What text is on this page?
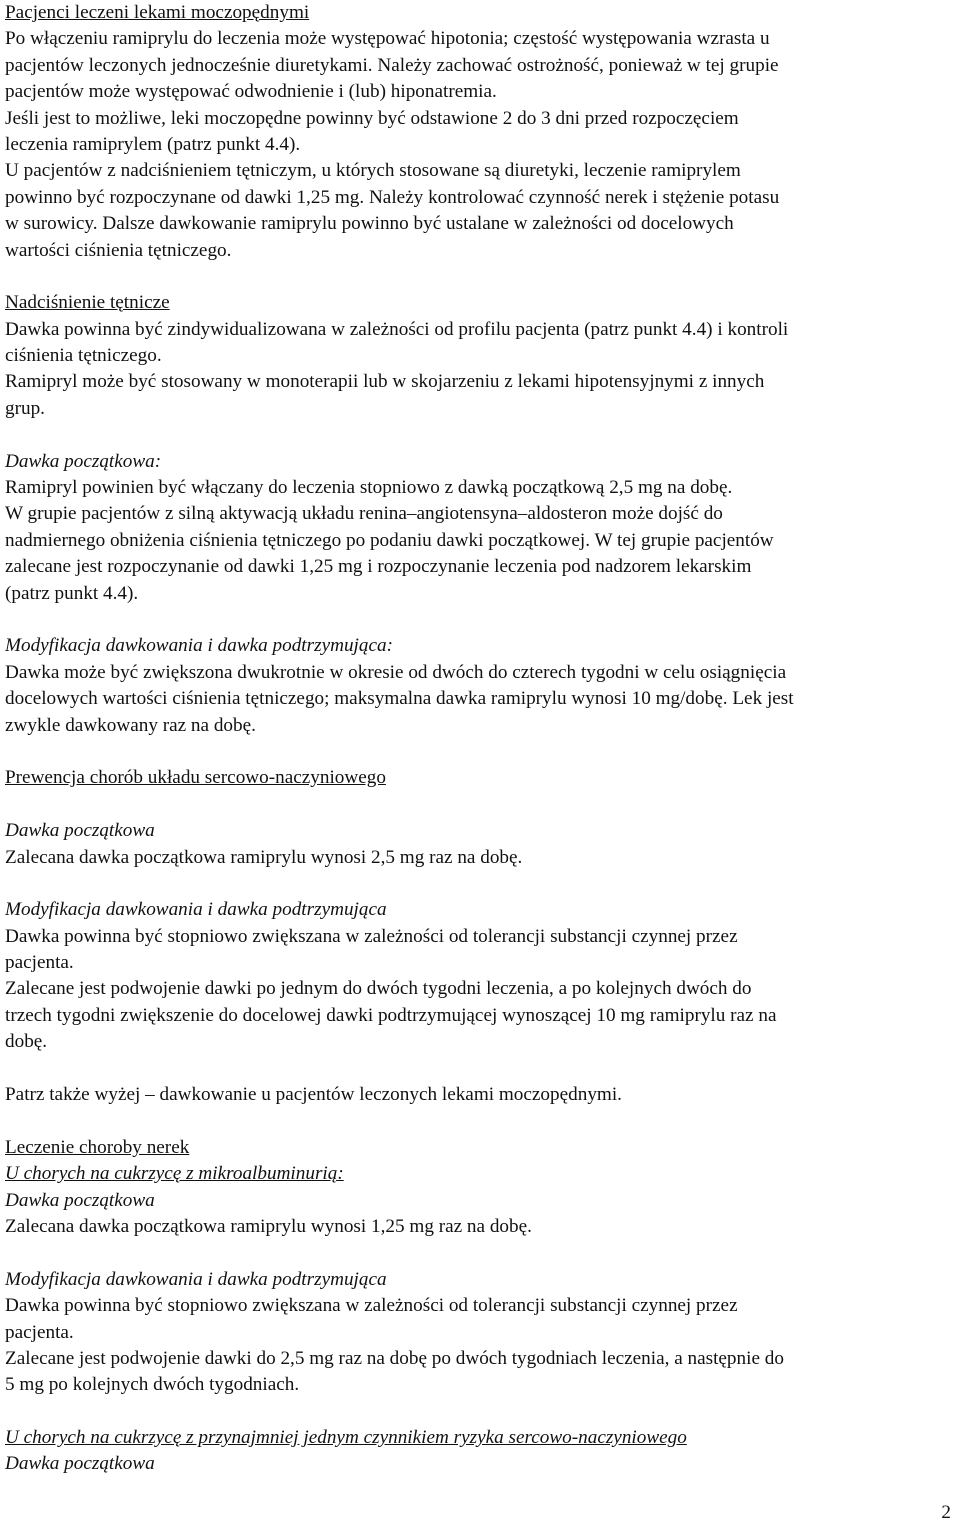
Pacjenci leczeni lekami moczopędnymi
Po włączeniu ramiprylu do leczenia może występować hipotonia; częstość występowania wzrasta u
pacjentów leczonych jednocześnie diuretykami. Należy zachować ostrożność, ponieważ w tej grupie
pacjentów może występować odwodnienie i (lub) hiponatremia.
Jeśli jest to możliwe, leki moczopędne powinny być odstawione 2 do 3 dni przed rozpoczęciem
leczenia ramiprylem (patrz punkt 4.4).
U pacjentów z nadciśnieniem tętniczym, u których stosowane są diuretyki, leczenie ramiprylem
powinno być rozpoczynane od dawki 1,25 mg. Należy kontrolować czynność nerek i stężenie potasu
w surowicy. Dalsze dawkowanie ramiprylu powinno być ustalane w zależności od docelowych
wartości ciśnienia tętniczego.
Nadciśnienie tętnicze
Dawka powinna być zindywidualizowana w zależności od profilu pacjenta (patrz punkt 4.4) i kontroli
ciśnienia tętniczego.
Ramipryl może być stosowany w monoterapii lub w skojarzeniu z lekami hipotensyjnymi z innych
grup.
Dawka początkowa:
Ramipryl powinien być włączany do leczenia stopniowo z dawką początkową 2,5 mg na dobę.
W grupie pacjentów z silną aktywacją układu renina–angiotensyna–aldosteron może dojść do
nadmiernego obniżenia ciśnienia tętniczego po podaniu dawki początkowej. W tej grupie pacjentów
zalecane jest rozpoczynanie od dawki 1,25 mg i rozpoczynanie leczenia pod nadzorem lekarskim
(patrz punkt 4.4).
Modyfikacja dawkowania i dawka podtrzymująca:
Dawka może być zwiększona dwukrotnie w okresie od dwóch do czterech tygodni w celu osiągnięcia
docelowych wartości ciśnienia tętniczego; maksymalna dawka ramiprylu wynosi 10 mg/dobę. Lek jest
zwykle dawkowany raz na dobę.
Prewencja chorób układu sercowo-naczyniowego
Dawka początkowa
Zalecana dawka początkowa ramiprylu wynosi 2,5 mg raz na dobę.
Modyfikacja dawkowania i dawka podtrzymująca
Dawka powinna być stopniowo zwiększana w zależności od tolerancji substancji czynnej przez
pacjenta.
Zalecane jest podwojenie dawki po jednym do dwóch tygodni leczenia, a po kolejnych dwóch do
trzech tygodni zwiększenie do docelowej dawki podtrzymującej wynoszącej 10 mg ramiprylu raz na
dobę.
Patrz także wyżej – dawkowanie u pacjentów leczonych lekami moczopędnymi.
Leczenie choroby nerek
U chorych na cukrzycę z mikroalbuminurią:
Dawka początkowa
Zalecana dawka początkowa ramiprylu wynosi 1,25 mg raz na dobę.
Modyfikacja dawkowania i dawka podtrzymująca
Dawka powinna być stopniowo zwiększana w zależności od tolerancji substancji czynnej przez
pacjenta.
Zalecane jest podwojenie dawki do 2,5 mg raz na dobę po dwóch tygodniach leczenia, a następnie do
5 mg po kolejnych dwóch tygodniach.
U chorych na cukrzycę z przynajmniej jednym czynnikiem ryzyka sercowo-naczyniowego
Dawka początkowa
2
